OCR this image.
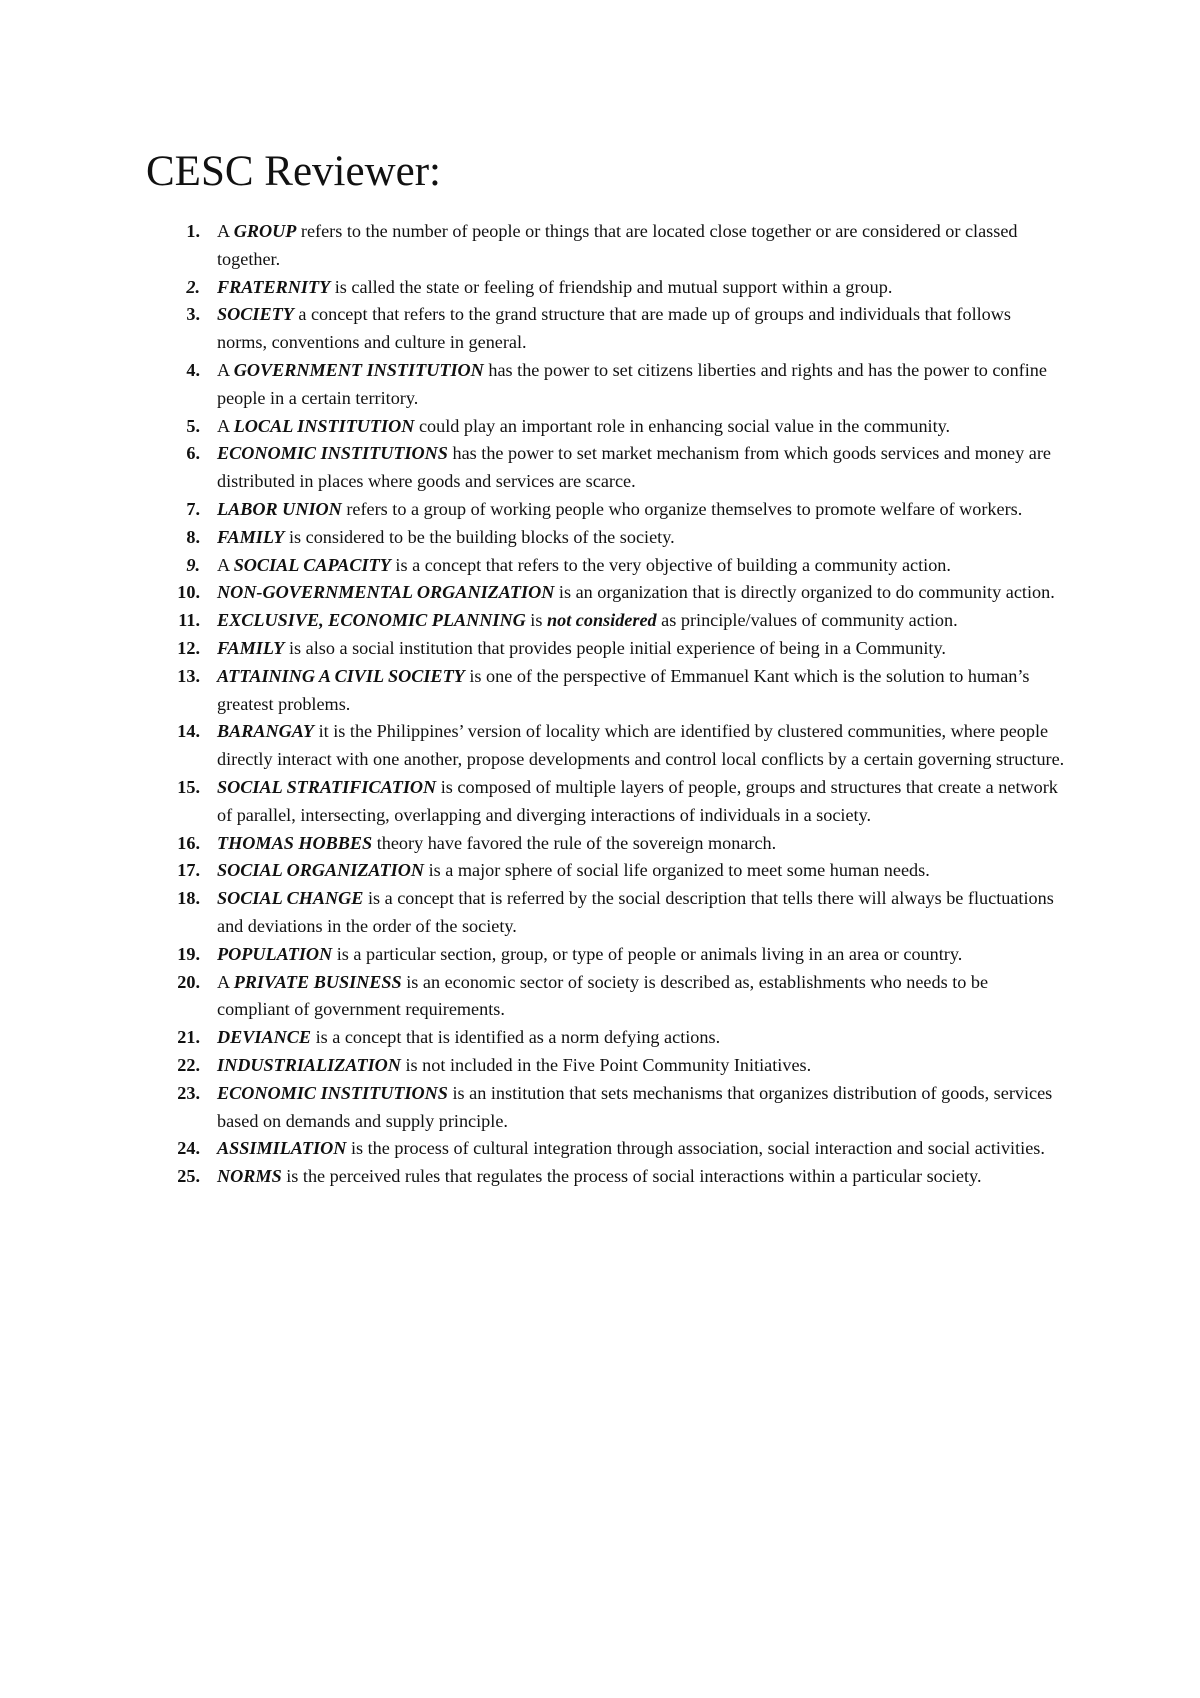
CESC Reviewer:
1. A GROUP refers to the number of people or things that are located close together or are considered or classed together.
2. FRATERNITY is called the state or feeling of friendship and mutual support within a group.
3. SOCIETY a concept that refers to the grand structure that are made up of groups and individuals that follows norms, conventions and culture in general.
4. A GOVERNMENT INSTITUTION has the power to set citizens liberties and rights and has the power to confine people in a certain territory.
5. A LOCAL INSTITUTION could play an important role in enhancing social value in the community.
6. ECONOMIC INSTITUTIONS has the power to set market mechanism from which goods services and money are distributed in places where goods and services are scarce.
7. LABOR UNION refers to a group of working people who organize themselves to promote welfare of workers.
8. FAMILY is considered to be the building blocks of the society.
9. A SOCIAL CAPACITY is a concept that refers to the very objective of building a community action.
10. NON-GOVERNMENTAL ORGANIZATION is an organization that is directly organized to do community action.
11. EXCLUSIVE, ECONOMIC PLANNING is not considered as principle/values of community action.
12. FAMILY is also a social institution that provides people initial experience of being in a Community.
13. ATTAINING A CIVIL SOCIETY is one of the perspective of Emmanuel Kant which is the solution to human’s greatest problems.
14. BARANGAY it is the Philippines’ version of locality which are identified by clustered communities, where people directly interact with one another, propose developments and control local conflicts by a certain governing structure.
15. SOCIAL STRATIFICATION is composed of multiple layers of people, groups and structures that create a network of parallel, intersecting, overlapping and diverging interactions of individuals in a society.
16. THOMAS HOBBES theory have favored the rule of the sovereign monarch.
17. SOCIAL ORGANIZATION is a major sphere of social life organized to meet some human needs.
18. SOCIAL CHANGE is a concept that is referred by the social description that tells there will always be fluctuations and deviations in the order of the society.
19. POPULATION is a particular section, group, or type of people or animals living in an area or country.
20. A PRIVATE BUSINESS is an economic sector of society is described as, establishments who needs to be compliant of government requirements.
21. DEVIANCE is a concept that is identified as a norm defying actions.
22. INDUSTRIALIZATION is not included in the Five Point Community Initiatives.
23. ECONOMIC INSTITUTIONS is an institution that sets mechanisms that organizes distribution of goods, services based on demands and supply principle.
24. ASSIMILATION is the process of cultural integration through association, social interaction and social activities.
25. NORMS is the perceived rules that regulates the process of social interactions within a particular society.
